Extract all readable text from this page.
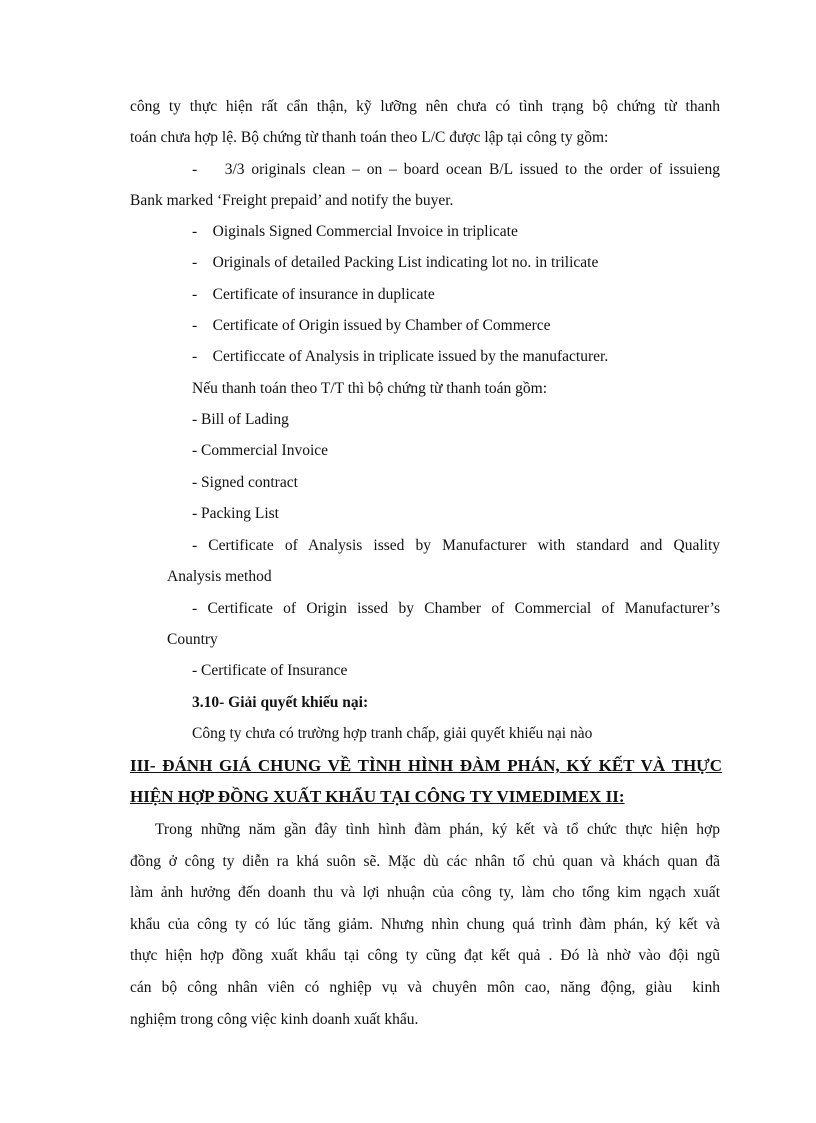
công ty thực hiện rất cẩn thận, kỹ lưỡng nên chưa có tình trạng bộ chứng từ thanh
toán chưa hợp lệ. Bộ chứng từ thanh toán theo L/C được lập tại công ty gồm:
-    3/3 originals clean – on – board ocean B/L issued to the order of issuieng
Bank marked ‘Freight prepaid’ and notify the buyer.
-    Oiginals Signed Commercial Invoice in triplicate
-    Originals of detailed Packing List indicating lot no. in trilicate
-    Certificate of insurance in duplicate
-    Certificate of Origin issued by Chamber of Commerce
-    Certificcate of Analysis in triplicate issued by the manufacturer.
Nếu thanh toán theo T/T thì bộ chứng từ thanh toán gồm:
- Bill of Lading
- Commercial Invoice
- Signed contract
- Packing List
- Certificate of Analysis issed by Manufacturer with standard and Quality
Analysis method
- Certificate of Origin issed by Chamber of Commercial of Manufacturer’s
Country
- Certificate of Insurance
3.10- Giải quyết khiếu nại:
Công ty chưa có trường hợp tranh chấp, giải quyết khiếu nại nào
III- ĐÁNH GIÁ CHUNG VỀ TÌNH HÌNH ĐÀM PHÁN, KÝ KẾT VÀ THỰC
HIỆN HỢP ĐỒNG XUẤT KHẨU TẠI CÔNG TY VIMEDIMEX II:
Trong những năm gần đây tình hình đàm phán, ký kết và tổ chức thực hiện hợp
đồng ở công ty diễn ra khá suôn sẽ. Mặc dù các nhân tố chủ quan và khách quan đã
làm ảnh hưởng đến doanh thu và lợi nhuận của công ty, làm cho tổng kim ngạch xuất
khẩu của công ty có lúc tăng giảm. Nhưng nhìn chung quá trình đàm phán, ký kết và
thực hiện hợp đồng xuất khẩu tại công ty cũng đạt kết quả . Đó là nhờ vào đội ngũ
cán bộ công nhân viên có nghiệp vụ và chuyên môn cao, năng động, giàu  kinh
nghiệm trong công việc kinh doanh xuất khẩu.
